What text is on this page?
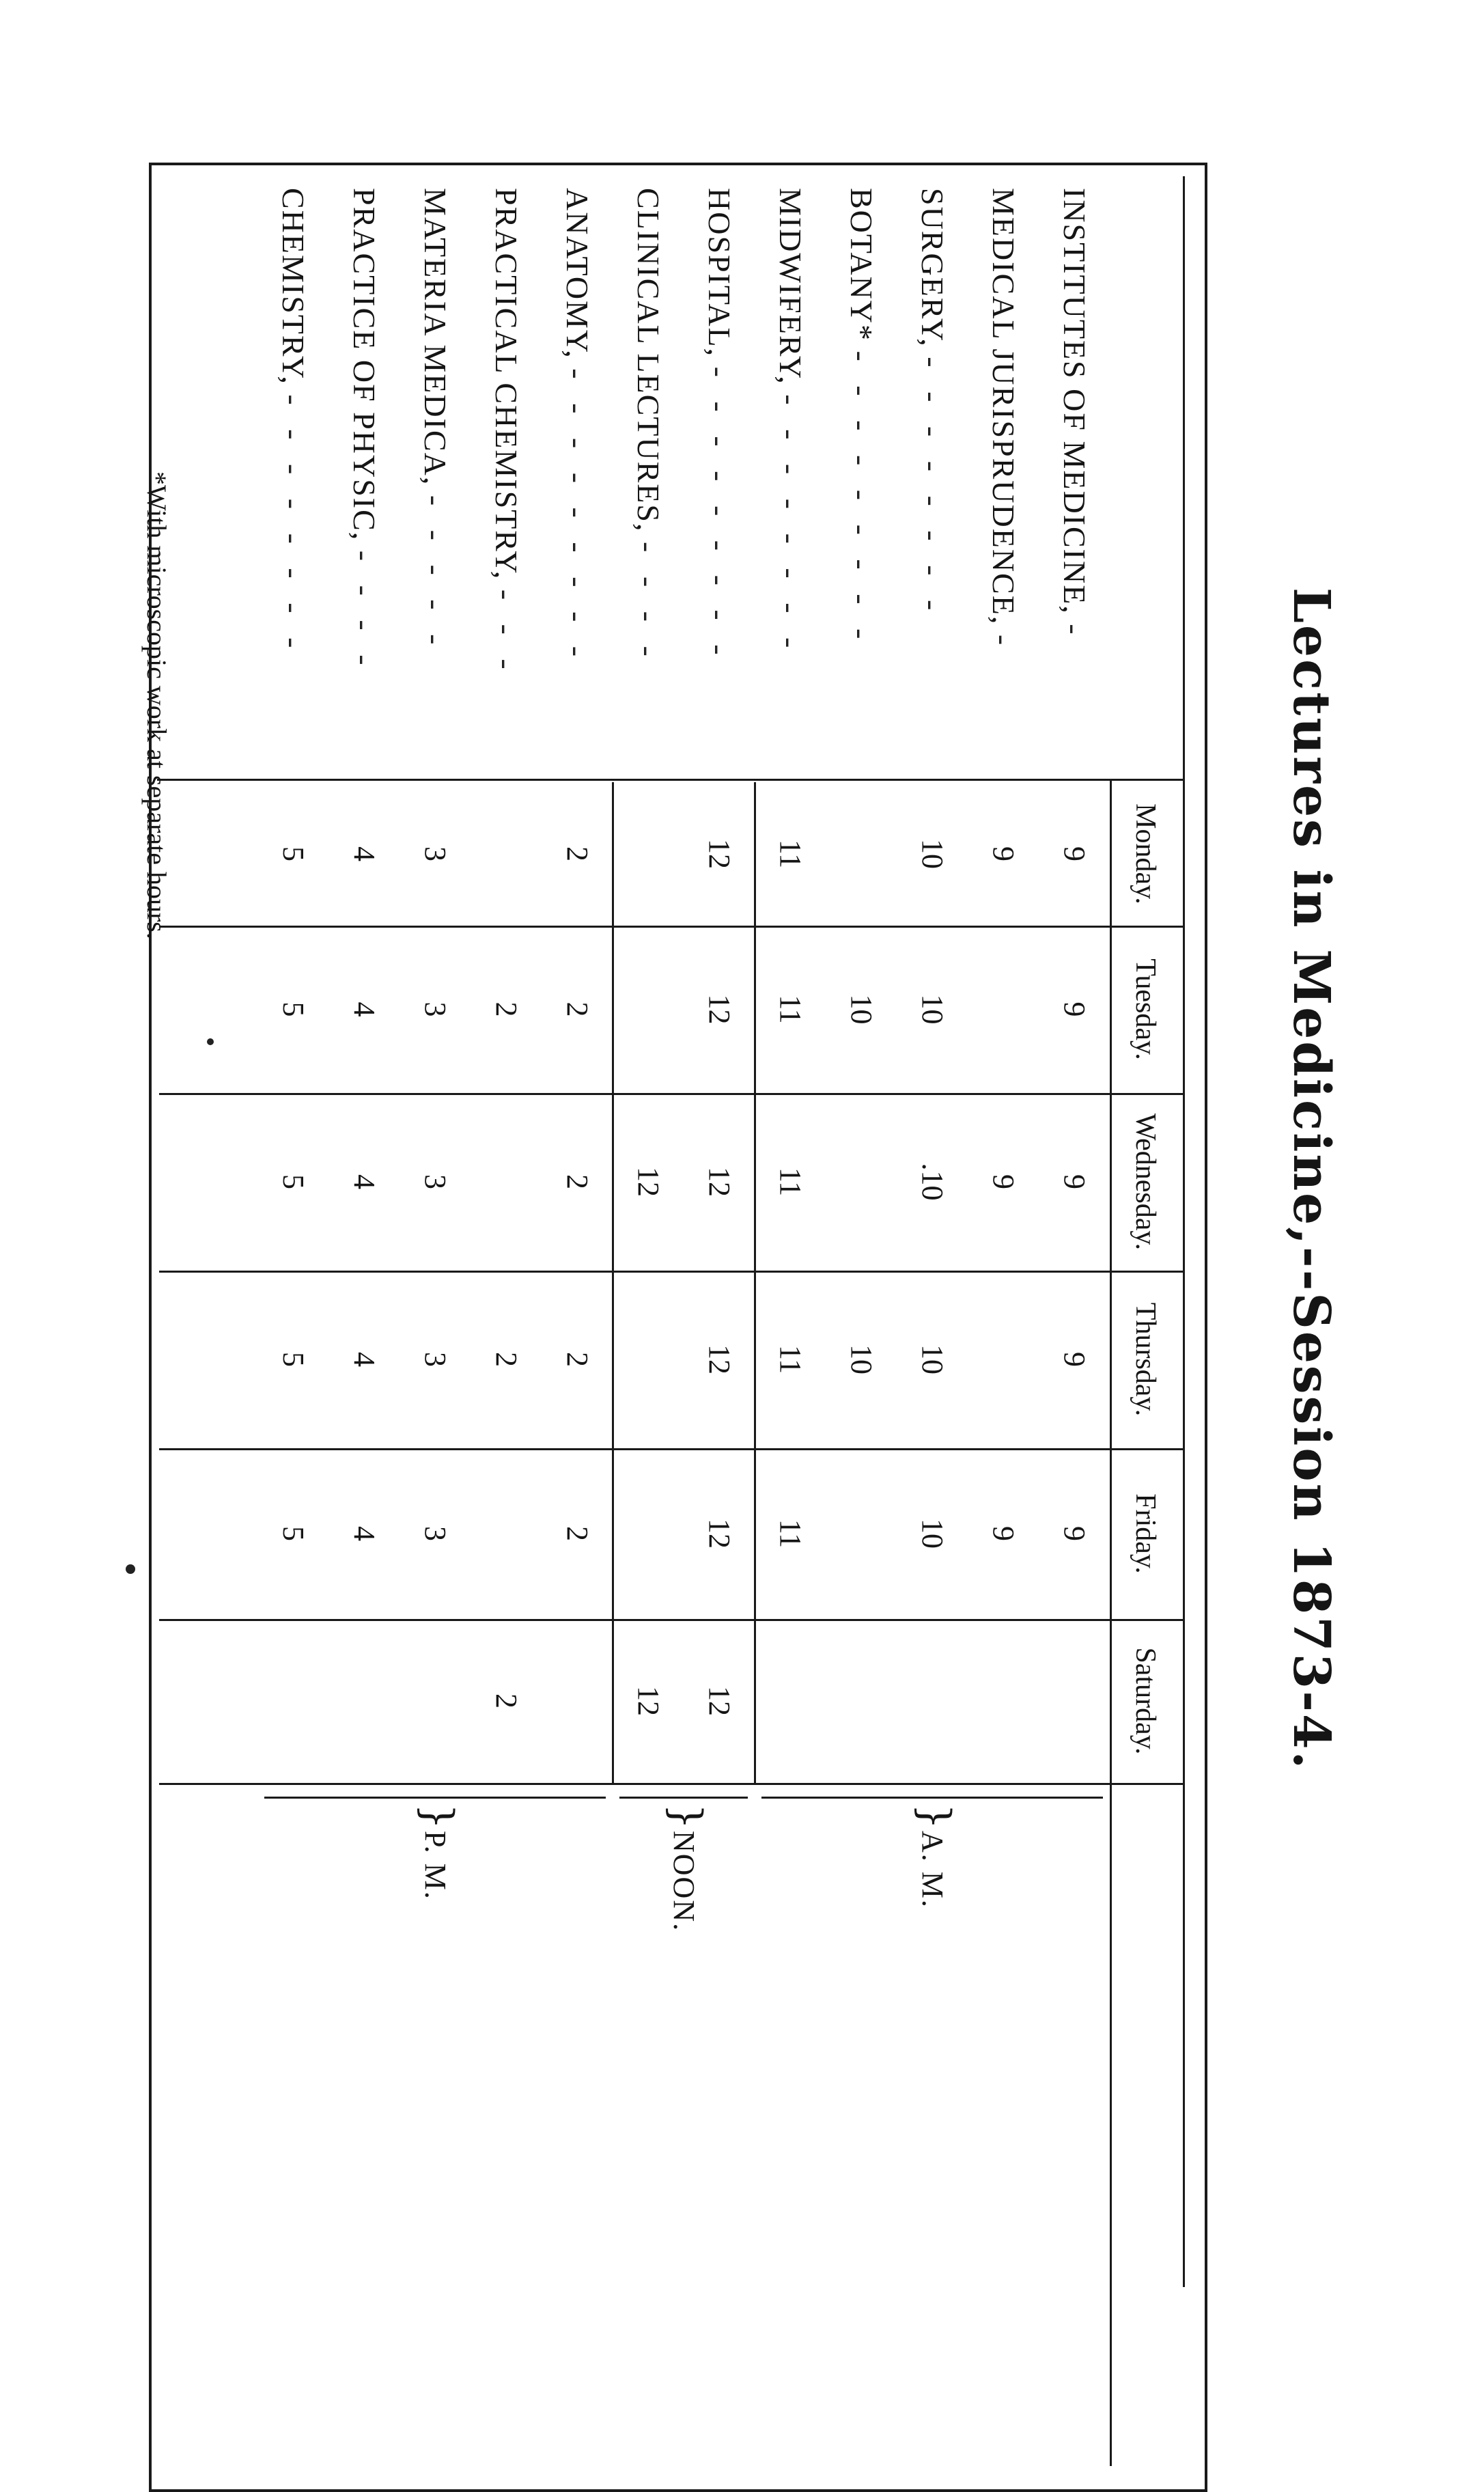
Lectures in Medicine,--Session 1873-4.
Monday.
Tuesday.
Wednesday.
Thursday.
Friday.
Saturday.
INSTITUTES OF MEDICINE, -
MEDICAL JURISPRUDENCE, -
SURGERY, - - - - - - - -
BOTANY* - - - - - - - - -
MIDWIFERY, - - - - - - - -
HOSPITAL, - - - - - - - - -
CLINICAL LECTURES, - - - -
ANATOMY, - - - - - - - - -
PRACTICAL CHEMISTRY, - - -
MATERIA MEDICA, - - - - -
PRACTICE OF PHYSIC, - - - -
CHEMISTRY, - - - - - - - -
9
9
9
9
9
9
9
9
10
10
.10
10
10
10
10
11
11
11
11
11
12
12
12
12
12
12
12
12
2
2
2
2
2
2
2
2
3
3
3
3
3
4
4
4
4
4
5
5
5
5
5
}
A. M.
}
NOON.
}
P. M.
*With microscopic work at separate hours.
